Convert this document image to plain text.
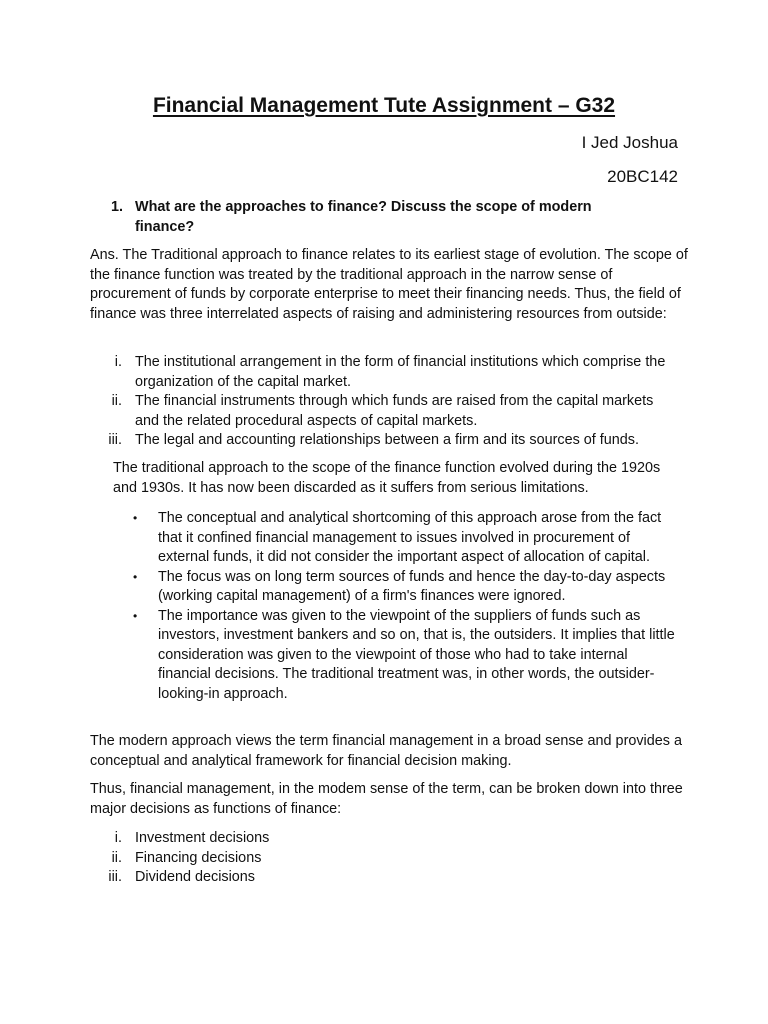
Financial Management Tute Assignment – G32
I Jed Joshua
20BC142
1. What are the approaches to finance? Discuss the scope of modern finance?

Ans. The Traditional approach to finance relates to its earliest stage of evolution. The scope of the finance function was treated by the traditional approach in the narrow sense of procurement of funds by corporate enterprise to meet their financing needs. Thus, the field of finance was three interrelated aspects of raising and administering resources from outside:

i. The institutional arrangement in the form of financial institutions which comprise the organization of the capital market.
ii. The financial instruments through which funds are raised from the capital markets and the related procedural aspects of capital markets.
iii. The legal and accounting relationships between a firm and its sources of funds.

The traditional approach to the scope of the finance function evolved during the 1920s and 1930s. It has now been discarded as it suffers from serious limitations.

•	The conceptual and analytical shortcoming of this approach arose from the fact that it confined financial management to issues involved in procurement of external funds, it did not consider the important aspect of allocation of capital.
•	The focus was on long term sources of funds and hence the day-to-day aspects (working capital management) of a firm's finances were ignored.
•	The importance was given to the viewpoint of the suppliers of funds such as investors, investment bankers and so on, that is, the outsiders. It implies that little consideration was given to the viewpoint of those who had to take internal financial decisions. The traditional treatment was, in other words, the outsider-looking-in approach.

The modern approach views the term financial management in a broad sense and provides a conceptual and analytical framework for financial decision making.

Thus, financial management, in the modem sense of the term, can be broken down into three major decisions as functions of finance:

i. Investment decisions
ii. Financing decisions
iii. Dividend decisions
